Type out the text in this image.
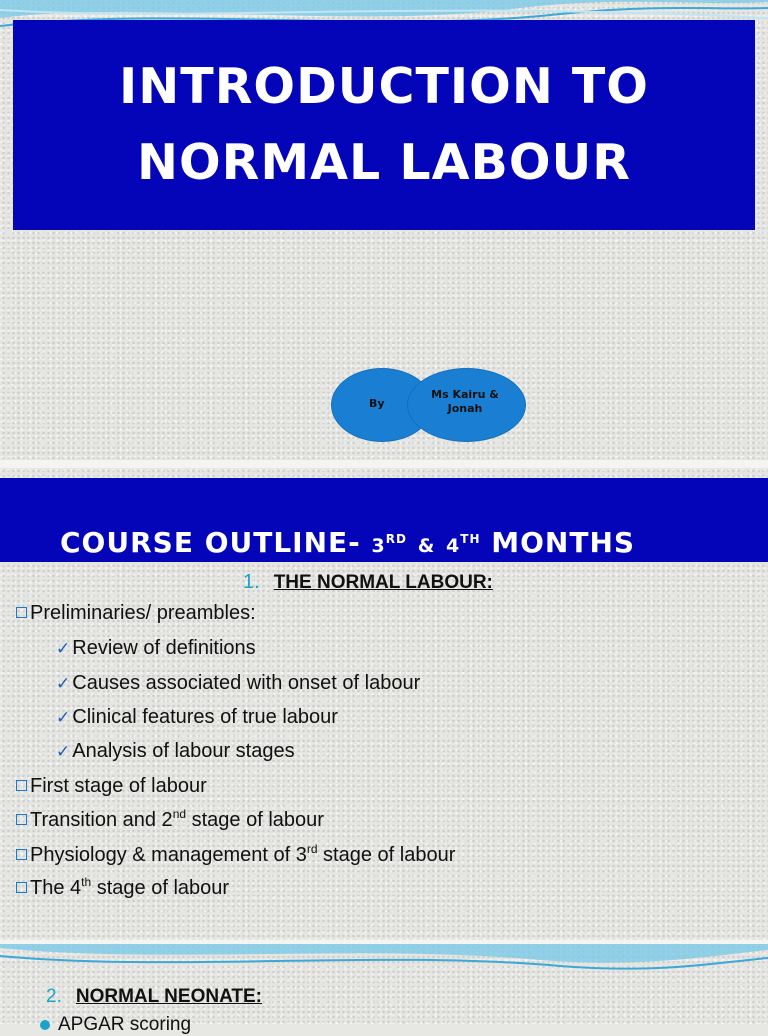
INTRODUCTION TO
NORMAL LABOUR
By
Ms Kairu &
Jonah
COURSE OUTLINE- 3RD & 4TH MONTHS
1. THE NORMAL LABOUR:
Preliminaries/ preambles:
✓ Review of definitions
✓ Causes associated with onset of labour
✓ Clinical features of true labour
✓ Analysis of labour stages
First stage of labour
Transition and 2nd stage of labour
Physiology & management of 3rd stage of labour
The 4th stage of labour
2. NORMAL NEONATE:
APGAR scoring
